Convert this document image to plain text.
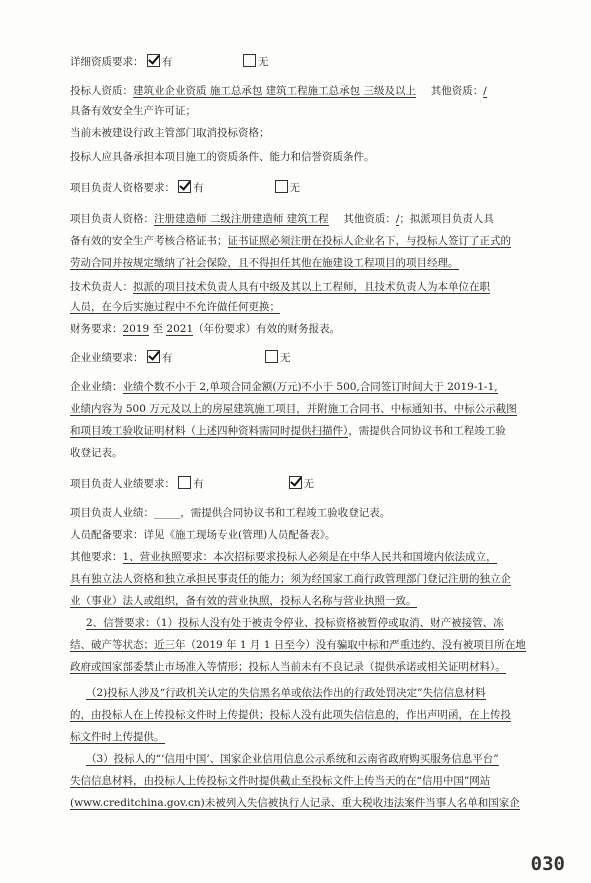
详细资质要求： 有	无
投标人资质：建筑业企业资质 施工总承包 建筑工程施工总承包 三级及以上 其他资质：/
具备有效安全生产许可证；
当前未被建设行政主管部门取消投标资格；
投标人应具备承担本项目施工的资质条件、能力和信誉资质条件。
项目负责人资格要求： 有	无
项目负责人资格：注册建造师 二级注册建造师 建筑工程 其他资质：/；拟派项目负责人具
备有效的安全生产考核合格证书；证书证照必须注册在投标人企业名下，与投标人签订了正式的
劳动合同并按规定缴纳了社会保险，且不得担任其他在施建设工程项目的项目经理。
技术负责人：拟派的项目技术负责人具有中级及其以上工程师，且技术负责人为本单位在职
人员，在今后实施过程中不允许做任何更换；
财务要求：2019 至 2021（年份要求）有效的财务报表。
企业业绩要求： 有	无
企业业绩：业绩个数不小于 2,单项合同金额(万元)不小于 500,合同签订时间大于 2019-1-1,
业绩内容为 500 万元及以上的房屋建筑施工项目，并附施工合同书、中标通知书、中标公示截图
和项目竣工验收证明材料（上述四种资料需同时提供扫描件），需提供合同协议书和工程竣工验
收登记表。
项目负责人业绩要求： 有	无
项目负责人业绩：_____，需提供合同协议书和工程竣工验收登记表。
人员配备要求：详见《施工现场专业(管理)人员配备表》。
其他要求：1、营业执照要求：本次招标要求投标人必须是在中华人民共和国境内依法成立，
具有独立法人资格和独立承担民事责任的能力；须为经国家工商行政管理部门登记注册的独立企
业（事业）法人或组织，备有效的营业执照，投标人名称与营业执照一致。
2、信誉要求：（1）投标人没有处于被责令停业、投标资格被暂停或取消、财产被接管、冻
结、破产等状态；近三年（2019 年 1 月 1 日至今）没有骗取中标和严重违约、没有被项目所在地
政府或国家部委禁止市场准入等情形；投标人当前未有不良记录（提供承诺或相关证明材料）。
（2)投标人涉及“行政机关认定的失信黑名单或依法作出的行政处罚决定”失信信息材料
的，由投标人在上传投标文件时上传提供；投标人没有此项失信信息的，作出声明函，在上传投
标文件时上传提供。
（3）投标人的“‘信用中国’、国家企业信用信息公示系统和云南省政府购买服务信息平台”
失信信息材料，由投标人上传投标文件时提供截止至投标文件上传当天的在“信用中国”网站
(www.creditchina.gov.cn)未被列入失信被执行人记录、重大税收违法案件当事人名单和国家企
030
